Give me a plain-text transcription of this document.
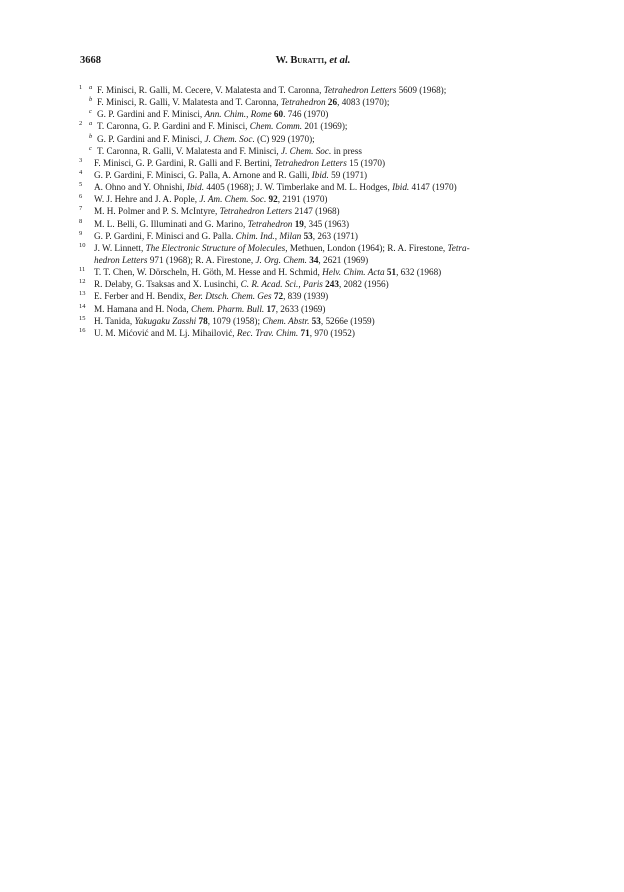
3668	W. Buratti, et al.
1 a F. Minisci, R. Galli, M. Cecere, V. Malatesta and T. Caronna, Tetrahedron Letters 5609 (1968);
b F. Minisci, R. Galli, V. Malatesta and T. Caronna, Tetrahedron 26, 4083 (1970);
c G. P. Gardini and F. Minisci, Ann. Chim., Rome 60. 746 (1970)
2 a T. Caronna, G. P. Gardini and F. Minisci, Chem. Comm. 201 (1969);
b G. P. Gardini and F. Minisci, J. Chem. Soc. (C) 929 (1970);
c T. Caronna, R. Galli, V. Malatesta and F. Minisci, J. Chem. Soc. in press
3 F. Minisci, G. P. Gardini, R. Galli and F. Bertini, Tetrahedron Letters 15 (1970)
4 G. P. Gardini, F. Minisci, G. Palla, A. Arnone and R. Galli, Ibid. 59 (1971)
5 A. Ohno and Y. Ohnishi, Ibid. 4405 (1968); J. W. Timberlake and M. L. Hodges, Ibid. 4147 (1970)
6 W. J. Hehre and J. A. Pople, J. Am. Chem. Soc. 92, 2191 (1970)
7 M. H. Polmer and P. S. McIntyre, Tetrahedron Letters 2147 (1968)
8 M. L. Belli, G. Illuminati and G. Marino, Tetrahedron 19, 345 (1963)
9 G. P. Gardini, F. Minisci and G. Palla. Chim. Ind., Milan 53, 263 (1971)
10 J. W. Linnett, The Electronic Structure of Molecules, Methuen, London (1964); R. A. Firestone, Tetra-
hedron Letters 971 (1968); R. A. Firestone, J. Org. Chem. 34, 2621 (1969)
11 T. T. Chen, W. Dörscheln, H. Göth, M. Hesse and H. Schmid, Helv. Chim. Acta 51, 632 (1968)
12 R. Delaby, G. Tsaksas and X. Lusinchi, C. R. Acad. Sci., Paris 243, 2082 (1956)
13 E. Ferber and H. Bendix, Ber. Dtsch. Chem. Ges 72, 839 (1939)
14 M. Hamana and H. Noda, Chem. Pharm. Bull. 17, 2633 (1969)
15 H. Tanida, Yakugaku Zasshi 78, 1079 (1958); Chem. Abstr. 53, 5266e (1959)
16 U. M. Mićović and M. Lj. Mihailović, Rec. Trav. Chim. 71, 970 (1952)
